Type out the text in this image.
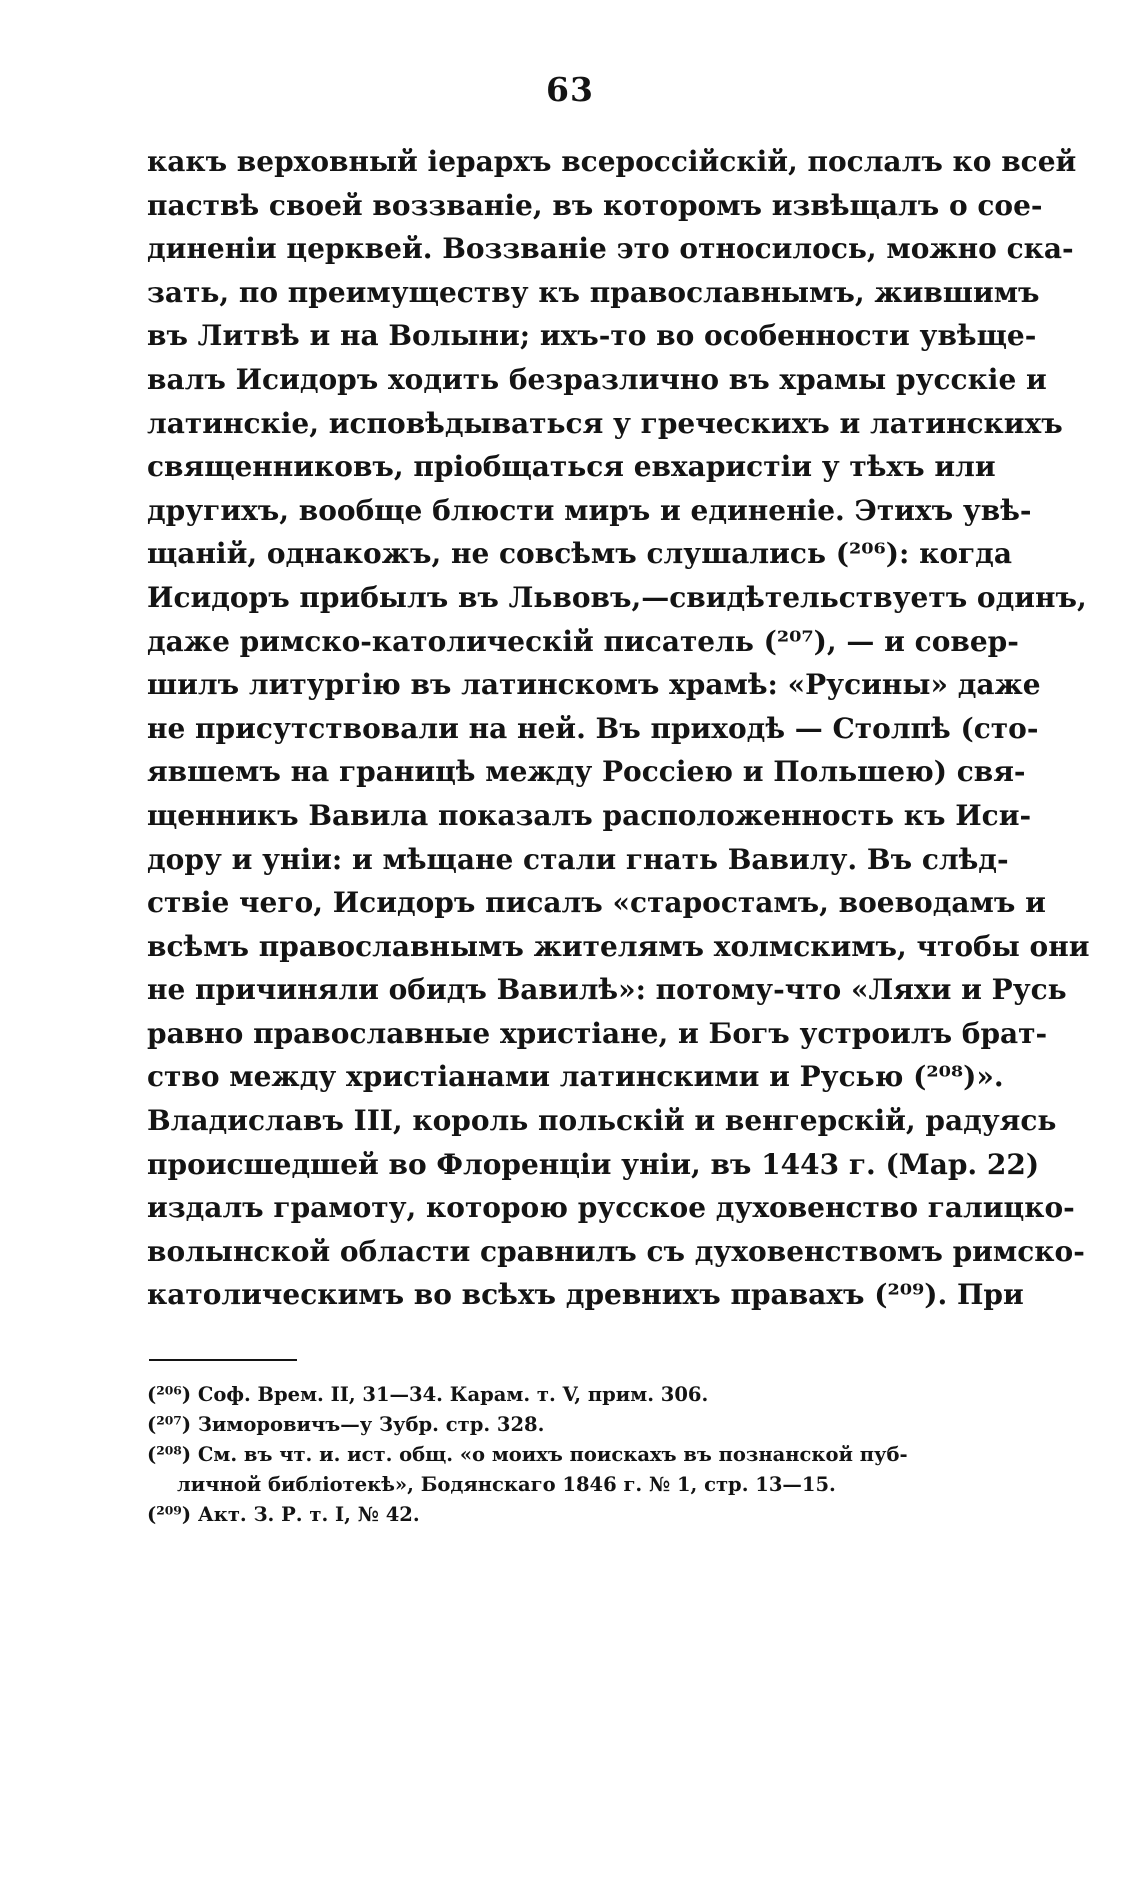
63
какъ верховный іерархъ всероссійскій, послалъ ко всей
паствѣ своей воззваніе, въ которомъ извѣщалъ о сое-
диненіи церквей. Воззваніе это относилось, можно ска-
зать, по преимуществу къ православнымъ, жившимъ
въ Литвѣ и на Волыни; ихъ-то во особенности увѣще-
валъ Исидоръ ходить безразлично въ храмы русскіе и
латинскіе, исповѣдываться у греческихъ и латинскихъ
священниковъ, пріобщаться евхаристіи у тѣхъ или
другихъ, вообще блюсти миръ и единеніе. Этихъ увѣ-
щаній, однакожъ, не совсѣмъ слушались (²⁰⁶): когда
Исидоръ прибылъ въ Львовъ,—свидѣтельствуетъ одинъ,
даже римско-католическій писатель (²⁰⁷), — и совер-
шилъ литургію въ латинскомъ храмѣ: «Русины» даже
не присутствовали на ней. Въ приходѣ — Столпѣ (сто-
явшемъ на границѣ между Россіею и Польшею) свя-
щенникъ Вавила показалъ расположенность къ Иси-
дору и уніи: и мѣщане стали гнать Вавилу. Въ слѣд-
ствіе чего, Исидоръ писалъ «старостамъ, воеводамъ и
всѣмъ православнымъ жителямъ холмскимъ, чтобы они
не причиняли обидъ Вавилѣ»: потому-что «Ляхи и Русь
равно православные христіане, и Богъ устроилъ брат-
ство между христіанами латинскими и Русью (²⁰⁸)».
Владиславъ III, король польскій и венгерскій, радуясь
происшедшей во Флоренціи уніи, въ 1443 г. (Мар. 22)
издалъ грамоту, которою русское духовенство галицко-
волынской области сравнилъ съ духовенствомъ римско-
католическимъ во всѣхъ древнихъ правахъ (²⁰⁹). При
(²⁰⁶) Соф. Врем. II, 31—34. Карам. т. V, прим. 306.
(²⁰⁷) Зиморовичъ—у Зубр. стр. 328.
(²⁰⁸) См. въ чт. и. ист. общ. «о моихъ поискахъ въ познанской пуб-
личной библіотекѣ», Бодянскаго 1846 г. № 1, стр. 13—15.
(²⁰⁹) Акт. З. Р. т. I, № 42.
